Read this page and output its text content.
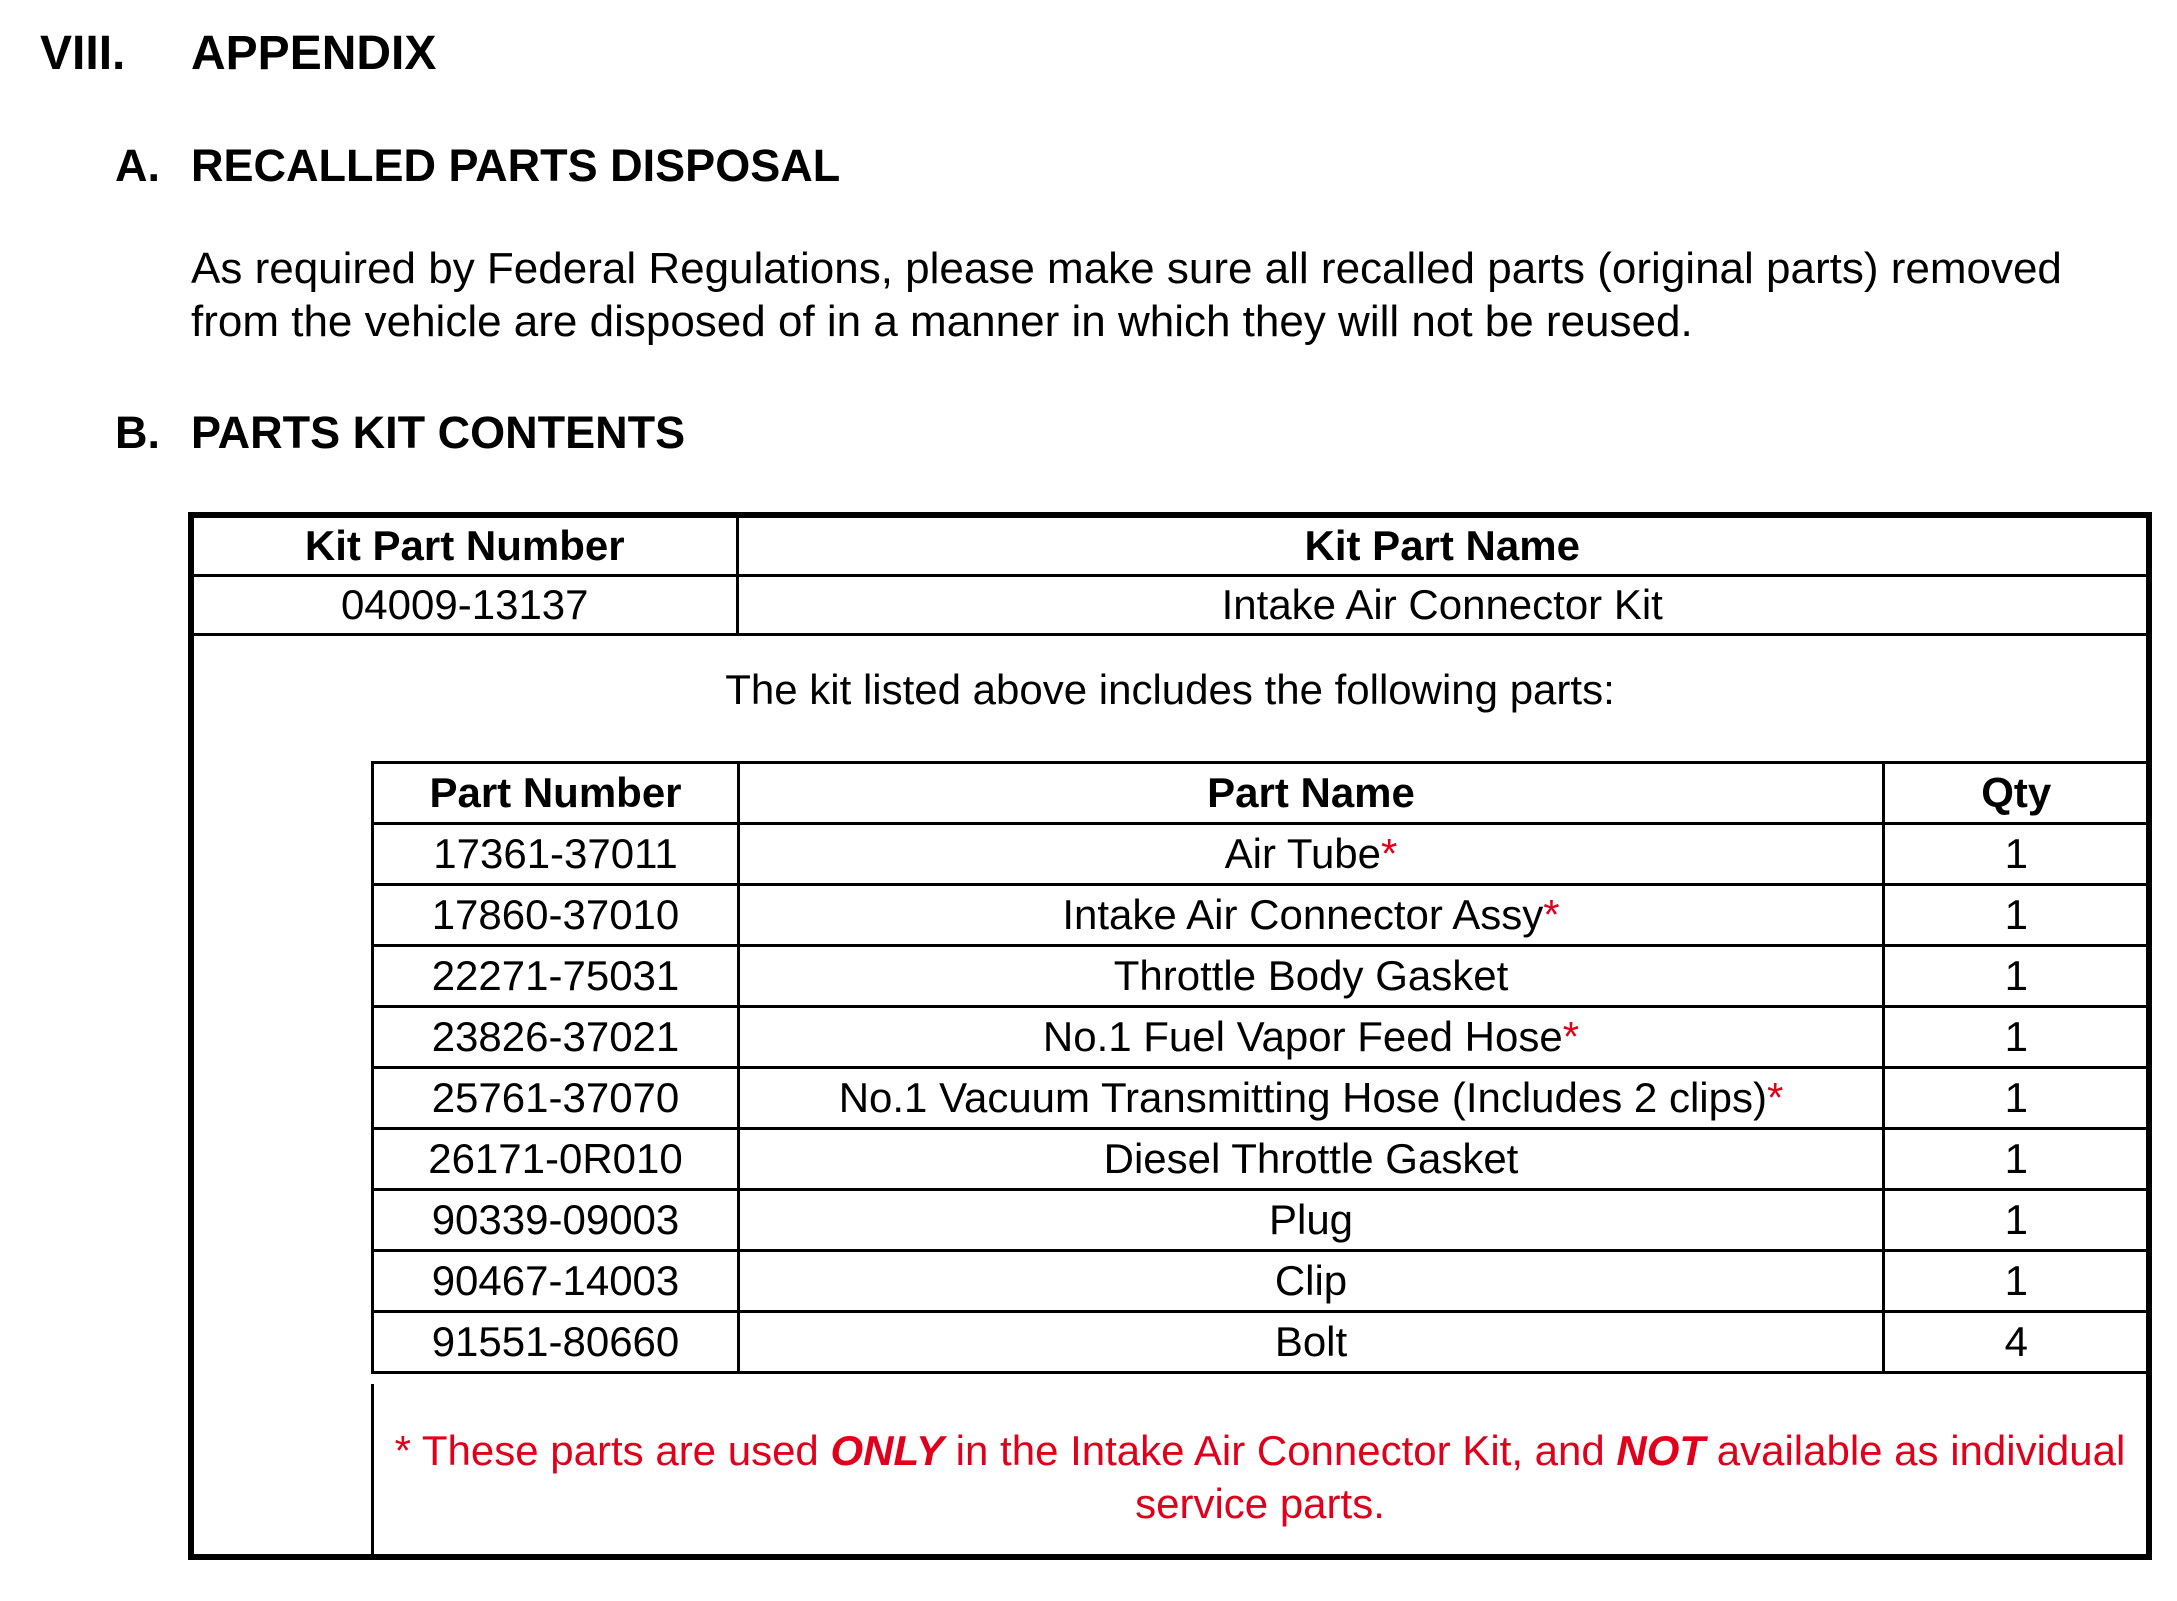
VIII. APPENDIX
A. RECALLED PARTS DISPOSAL
As required by Federal Regulations, please make sure all recalled parts (original parts) removed from the vehicle are disposed of in a manner in which they will not be reused.
B. PARTS KIT CONTENTS
Kit Part Number	Kit Part Name
04009-13137	Intake Air Connector Kit
The kit listed above includes the following parts:
Part Number	Part Name	Qty
17361-37011	Air Tube*	1
17860-37010	Intake Air Connector Assy*	1
22271-75031	Throttle Body Gasket	1
23826-37021	No.1 Fuel Vapor Feed Hose*	1
25761-37070	No.1 Vacuum Transmitting Hose (Includes 2 clips)*	1
26171-0R010	Diesel Throttle Gasket	1
90339-09003	Plug	1
90467-14003	Clip	1
91551-80660	Bolt	4
* These parts are used ONLY in the Intake Air Connector Kit, and NOT available as individual service parts.
